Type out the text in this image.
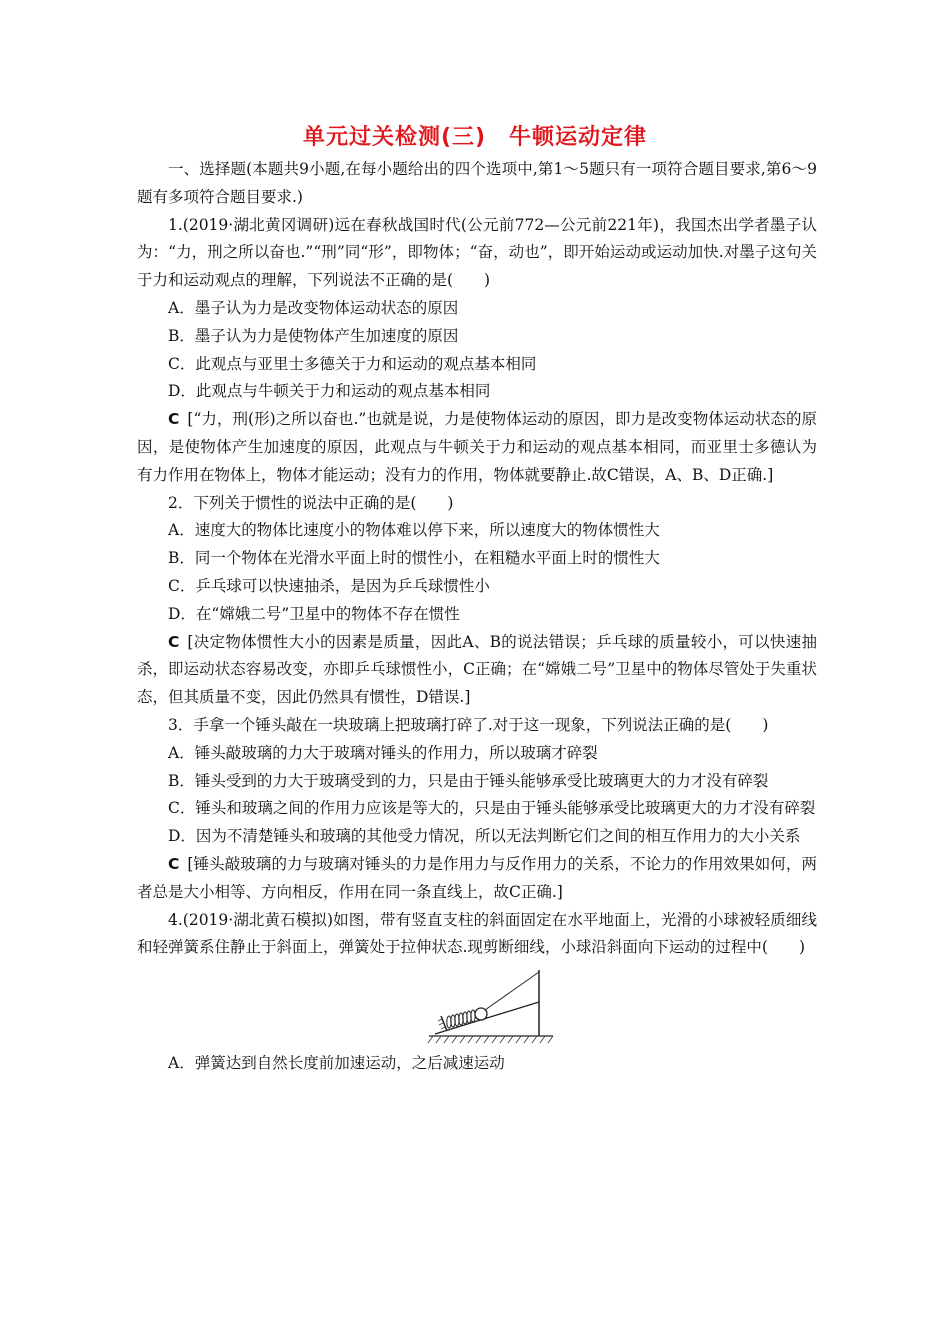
单元过关检测(三)　牛顿运动定律
一、选择题(本题共9小题,在每小题给出的四个选项中,第1～5题只有一项符合题目要求,第6～9题有多项符合题目要求.)
1.(2019·湖北黄冈调研)远在春秋战国时代(公元前772—公元前221年)，我国杰出学者墨子认为：“力，刑之所以奋也.”“刑”同“形”，即物体；“奋，动也”，即开始运动或运动加快.对墨子这句关于力和运动观点的理解，下列说法不正确的是(　　)
A．墨子认为力是改变物体运动状态的原因
B．墨子认为力是使物体产生加速度的原因
C．此观点与亚里士多德关于力和运动的观点基本相同
D．此观点与牛顿关于力和运动的观点基本相同
C [“力，刑(形)之所以奋也.”也就是说，力是使物体运动的原因，即力是改变物体运动状态的原因，是使物体产生加速度的原因，此观点与牛顿关于力和运动的观点基本相同，而亚里士多德认为有力作用在物体上，物体才能运动；没有力的作用，物体就要静止.故C错误，A、B、D正确.]
2．下列关于惯性的说法中正确的是(　　)
A．速度大的物体比速度小的物体难以停下来，所以速度大的物体惯性大
B．同一个物体在光滑水平面上时的惯性小，在粗糙水平面上时的惯性大
C．乒乓球可以快速抽杀，是因为乒乓球惯性小
D．在“嫦娥二号”卫星中的物体不存在惯性
C [决定物体惯性大小的因素是质量，因此A、B的说法错误；乒乓球的质量较小，可以快速抽杀，即运动状态容易改变，亦即乒乓球惯性小，C正确；在“嫦娥二号”卫星中的物体尽管处于失重状态，但其质量不变，因此仍然具有惯性，D错误.]
3．手拿一个锤头敲在一块玻璃上把玻璃打碎了.对于这一现象，下列说法正确的是(　　)
A．锤头敲玻璃的力大于玻璃对锤头的作用力，所以玻璃才碎裂
B．锤头受到的力大于玻璃受到的力，只是由于锤头能够承受比玻璃更大的力才没有碎裂
C．锤头和玻璃之间的作用力应该是等大的，只是由于锤头能够承受比玻璃更大的力才没有碎裂
D．因为不清楚锤头和玻璃的其他受力情况，所以无法判断它们之间的相互作用力的大小关系
C [锤头敲玻璃的力与玻璃对锤头的力是作用力与反作用力的关系，不论力的作用效果如何，两者总是大小相等、方向相反，作用在同一条直线上，故C正确.]
4.(2019·湖北黄石模拟)如图，带有竖直支柱的斜面固定在水平地面上，光滑的小球被轻质细线和轻弹簧系住静止于斜面上，弹簧处于拉伸状态.现剪断细线，小球沿斜面向下运动的过程中(　　)
A．弹簧达到自然长度前加速运动，之后减速运动
